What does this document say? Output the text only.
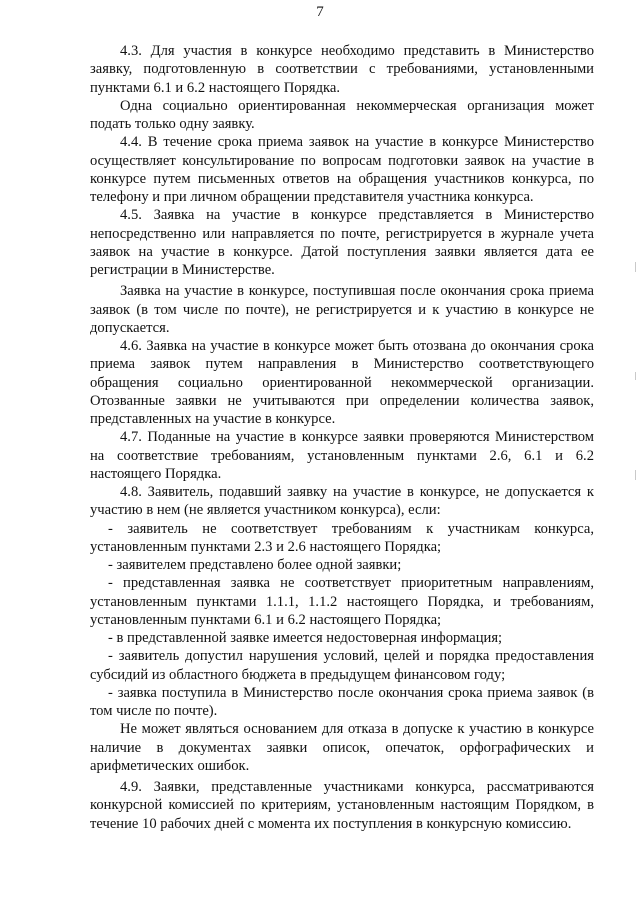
7

4.3. Для участия в конкурсе необходимо представить в Министерство заявку, подготовленную в соответствии с требованиями, установленными пунктами 6.1 и 6.2 настоящего Порядка.

Одна социально ориентированная некоммерческая организация может подать только одну заявку.

4.4. В течение срока приема заявок на участие в конкурсе Министерство осуществляет консультирование по вопросам подготовки заявок на участие в конкурсе путем письменных ответов на обращения участников конкурса, по телефону и при личном обращении представителя участника конкурса.

4.5. Заявка на участие в конкурсе представляется в Министерство непосредственно или направляется по почте, регистрируется в журнале учета заявок на участие в конкурсе. Датой поступления заявки является дата ее регистрации в Министерстве.

Заявка на участие в конкурсе, поступившая после окончания срока приема заявок (в том числе по почте), не регистрируется и к участию в конкурсе не допускается.

4.6. Заявка на участие в конкурсе может быть отозвана до окончания срока приема заявок путем направления в Министерство соответствующего обращения социально ориентированной некоммерческой организации. Отозванные заявки не учитываются при определении количества заявок, представленных на участие в конкурсе.

4.7. Поданные на участие в конкурсе заявки проверяются Министерством на соответствие требованиям, установленным пунктами 2.6, 6.1 и 6.2 настоящего Порядка.

4.8. Заявитель, подавший заявку на участие в конкурсе, не допускается к участию в нем (не является участником конкурса), если:

- заявитель не соответствует требованиям к участникам конкурса, установленным пунктами 2.3 и 2.6 настоящего Порядка;

- заявителем представлено более одной заявки;

- представленная заявка не соответствует приоритетным направлениям, установленным пунктами 1.1.1, 1.1.2 настоящего Порядка, и требованиям, установленным пунктами 6.1 и 6.2 настоящего Порядка;

- в представленной заявке имеется недостоверная информация;

- заявитель допустил нарушения условий, целей и порядка предоставления субсидий из областного бюджета в предыдущем финансовом году;

- заявка поступила в Министерство после окончания срока приема заявок (в том числе по почте).

Не может являться основанием для отказа в допуске к участию в конкурсе наличие в документах заявки описок, опечаток, орфографических и арифметических ошибок.

4.9. Заявки, представленные участниками конкурса, рассматриваются конкурсной комиссией по критериям, установленным настоящим Порядком, в течение 10 рабочих дней с момента их поступления в конкурсную комиссию.
